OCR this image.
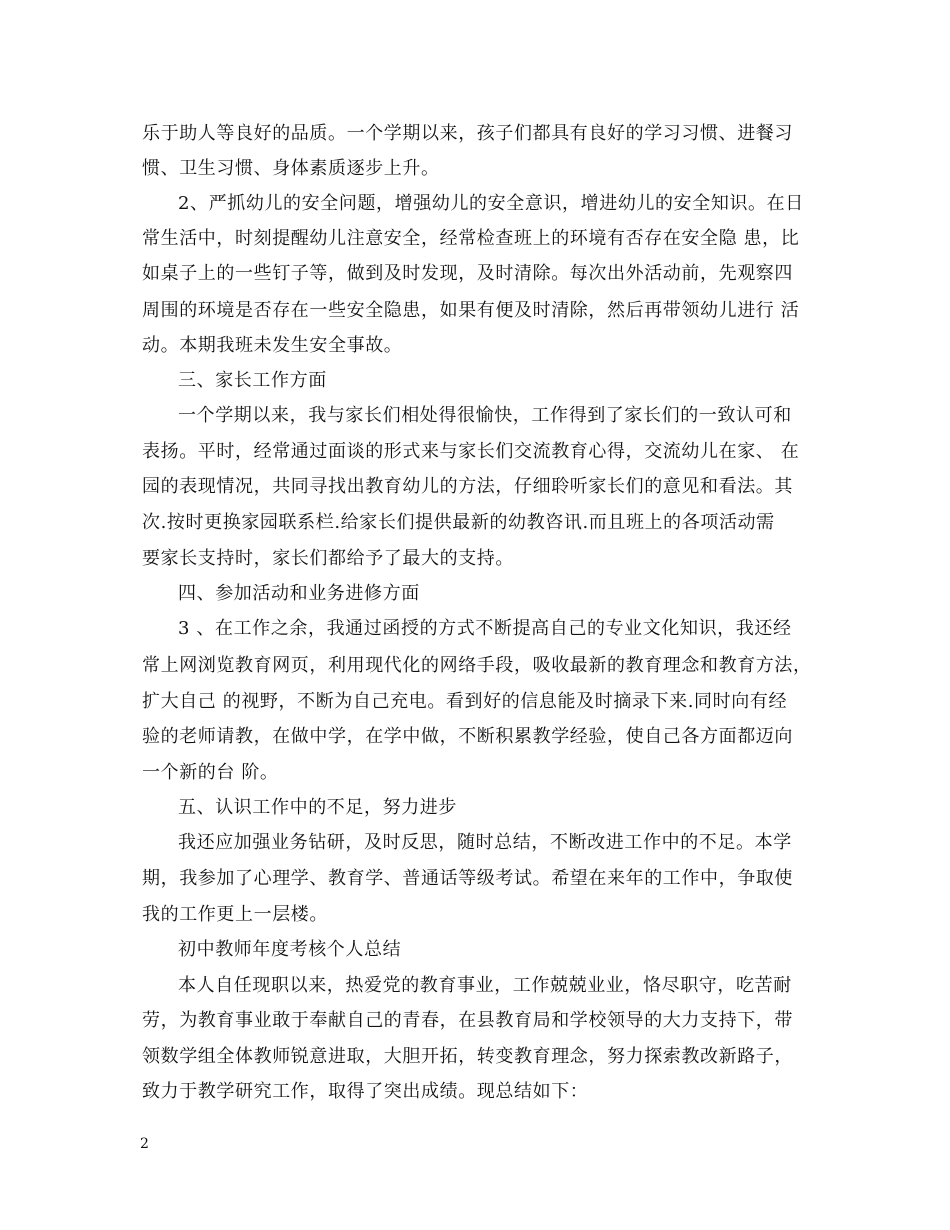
乐于助人等良好的品质。一个学期以来，孩子们都具有良好的学习习惯、进餐习
惯、卫生习惯、身体素质逐步上升。
2、严抓幼儿的安全问题，增强幼儿的安全意识，增进幼儿的安全知识。在日
常生活中，时刻提醒幼儿注意安全，经常检查班上的环境有否存在安全隐 患，比
如桌子上的一些钉子等，做到及时发现，及时清除。每次出外活动前，先观察四
周围的环境是否存在一些安全隐患，如果有便及时清除，然后再带领幼儿进行 活
动。本期我班未发生安全事故。
三、家长工作方面
一个学期以来，我与家长们相处得很愉快，工作得到了家长们的一致认可和
表扬。平时，经常通过面谈的形式来与家长们交流教育心得，交流幼儿在家、 在
园的表现情况，共同寻找出教育幼儿的方法，仔细聆听家长们的意见和看法。其
次.按时更换家园联系栏.给家长们提供最新的幼教咨讯.而且班上的各项活动需
要家长支持时，家长们都给予了最大的支持。
四、参加活动和业务进修方面
3 、在工作之余，我通过函授的方式不断提高自己的专业文化知识，我还经
常上网浏览教育网页，利用现代化的网络手段，吸收最新的教育理念和教育方法，
扩大自己 的视野，不断为自己充电。看到好的信息能及时摘录下来.同时向有经
验的老师请教，在做中学，在学中做，不断积累教学经验，使自己各方面都迈向
一个新的台 阶。
五、认识工作中的不足，努力进步
我还应加强业务钻研，及时反思，随时总结，不断改进工作中的不足。本学
期，我参加了心理学、教育学、普通话等级考试。希望在来年的工作中，争取使
我的工作更上一层楼。
初中教师年度考核个人总结
本人自任现职以来，热爱党的教育事业，工作兢兢业业，恪尽职守，吃苦耐
劳，为教育事业敢于奉献自己的青春，在县教育局和学校领导的大力支持下，带
领数学组全体教师锐意进取，大胆开拓，转变教育理念，努力探索教改新路子，
致力于教学研究工作，取得了突出成绩。现总结如下：
2
